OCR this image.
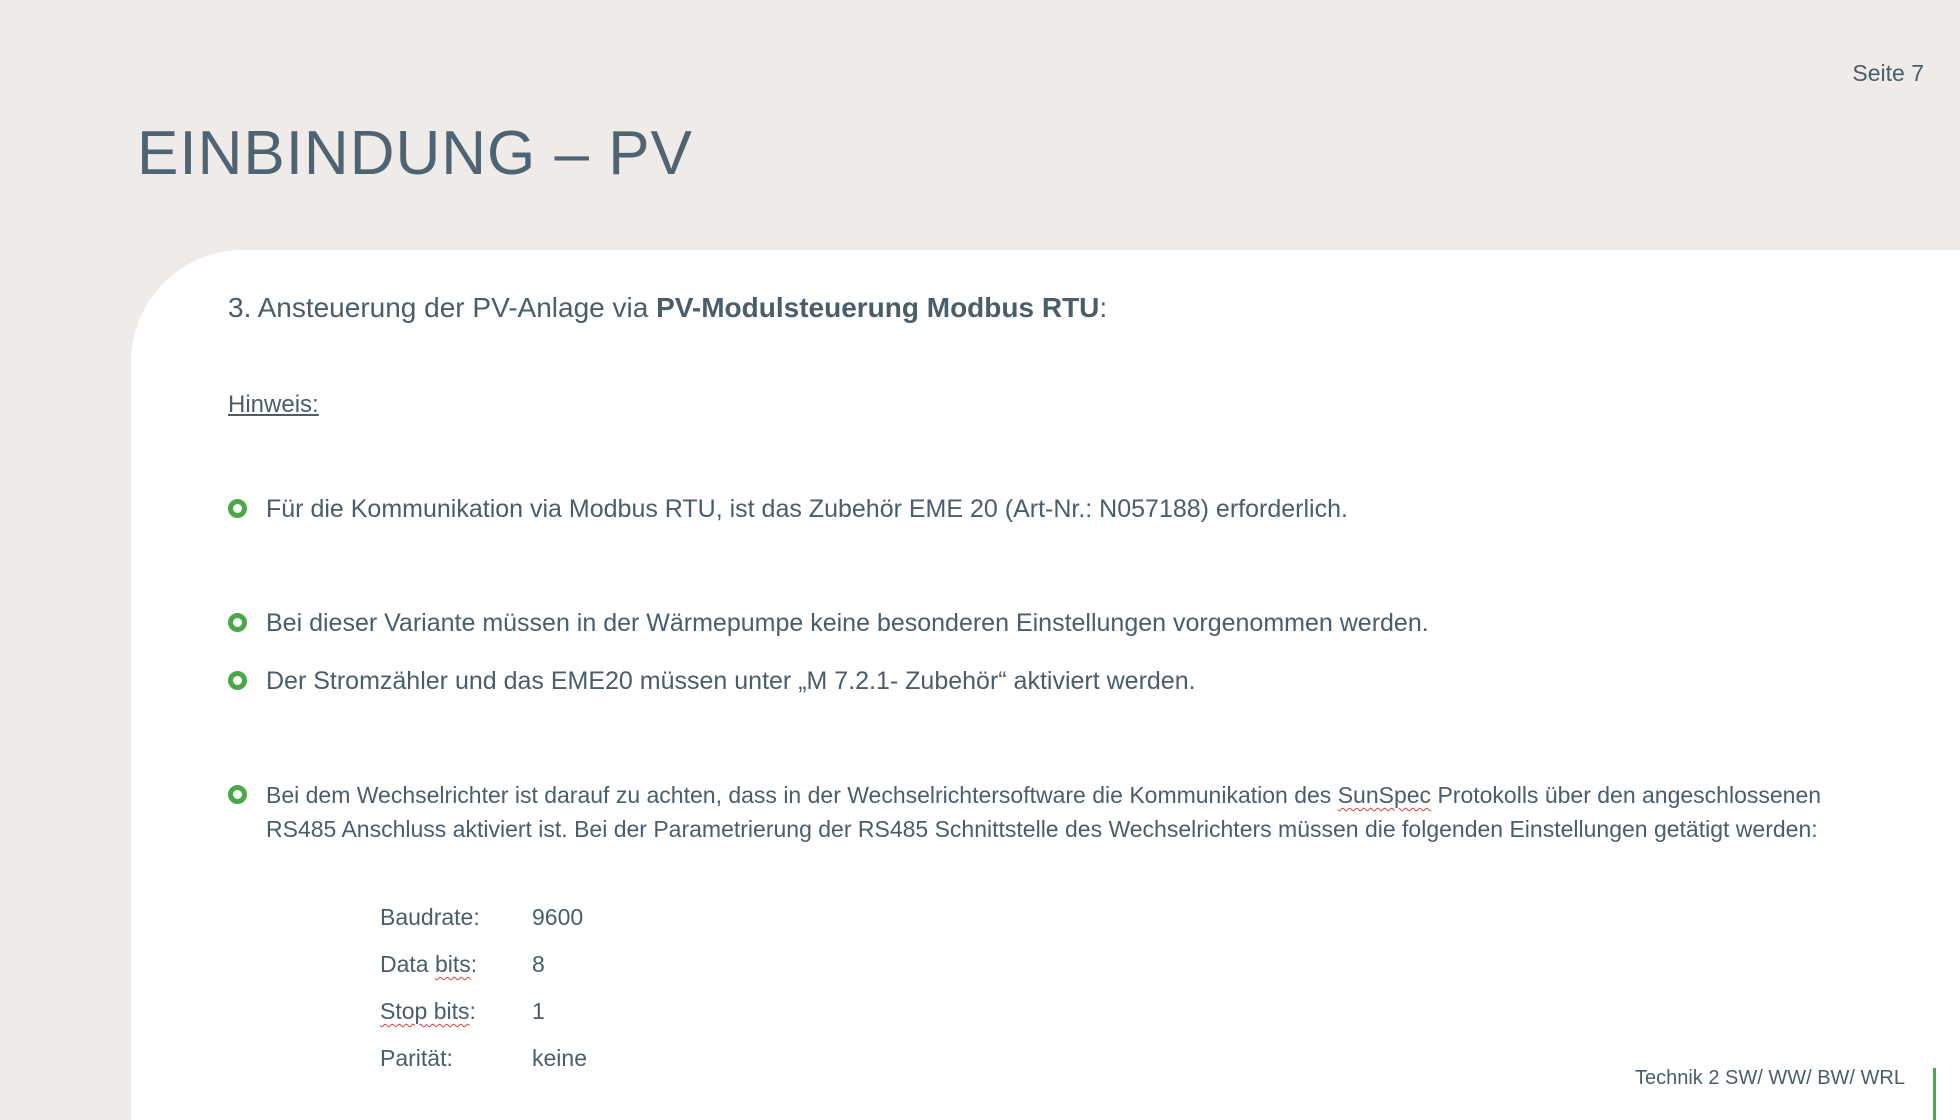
Seite 7
EINBINDUNG – PV
3. Ansteuerung der PV-Anlage via PV-Modulsteuerung Modbus RTU:
Hinweis:
Für die Kommunikation via Modbus RTU, ist das Zubehör EME 20 (Art-Nr.: N057188) erforderlich.
Bei dieser Variante müssen in der Wärmepumpe keine besonderen Einstellungen vorgenommen werden.
Der Stromzähler und das EME20 müssen unter „M 7.2.1- Zubehör“ aktiviert werden.
Bei dem Wechselrichter ist darauf zu achten, dass in der Wechselrichtersoftware die Kommunikation des SunSpec Protokolls über den angeschlossenen RS485 Anschluss aktiviert ist. Bei der Parametrierung der RS485 Schnittstelle des Wechselrichters müssen die folgenden Einstellungen getätigt werden:
Baudrate:	9600
Data bits:	8
Stop bits:	1
Parität:	keine
Technik 2 SW/ WW/ BW/ WRL
